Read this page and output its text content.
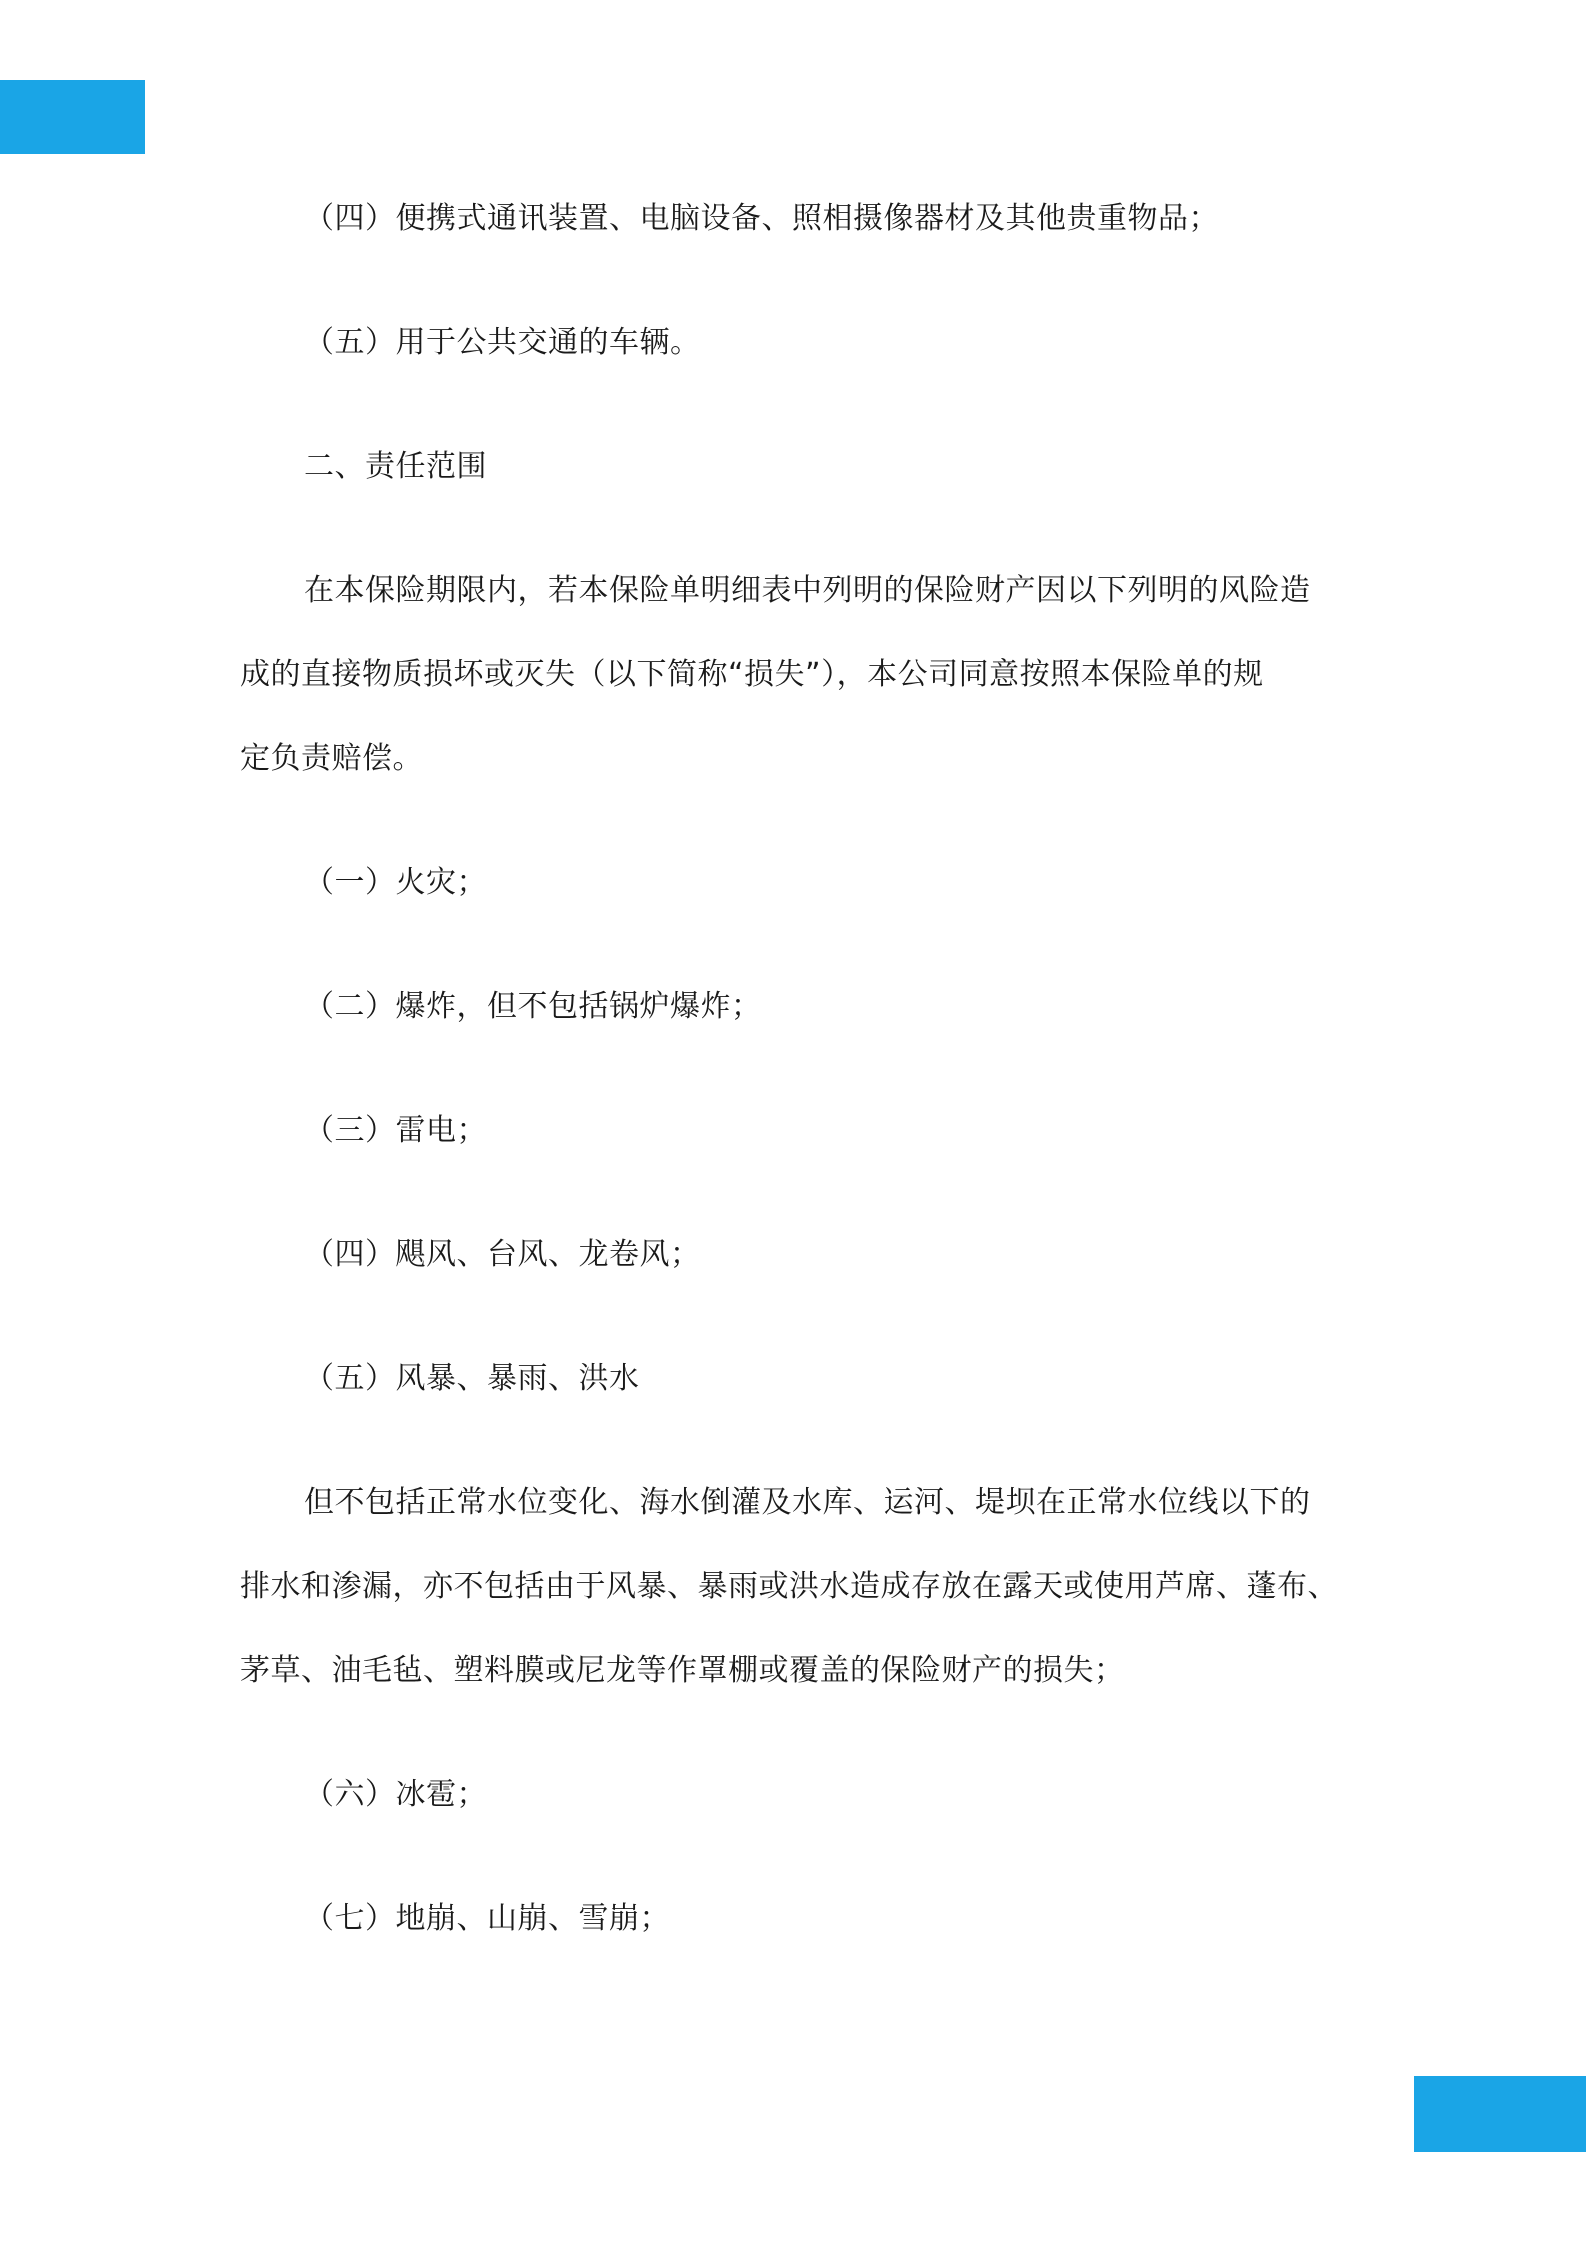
（四）便携式通讯装置、电脑设备、照相摄像器材及其他贵重物品；

（五）用于公共交通的车辆。

二、责任范围

在本保险期限内，若本保险单明细表中列明的保险财产因以下列明的风险造
成的直接物质损坏或灭失（以下简称“损失”），本公司同意按照本保险单的规
定负责赔偿。

（一）火灾；

（二）爆炸，但不包括锅炉爆炸；

（三）雷电；

（四）飓风、台风、龙卷风；

（五）风暴、暴雨、洪水

但不包括正常水位变化、海水倒灌及水库、运河、堤坝在正常水位线以下的
排水和渗漏，亦不包括由于风暴、暴雨或洪水造成存放在露天或使用芦席、蓬布、
茅草、油毛毡、塑料膜或尼龙等作罩棚或覆盖的保险财产的损失；

（六）冰雹；

（七）地崩、山崩、雪崩；
